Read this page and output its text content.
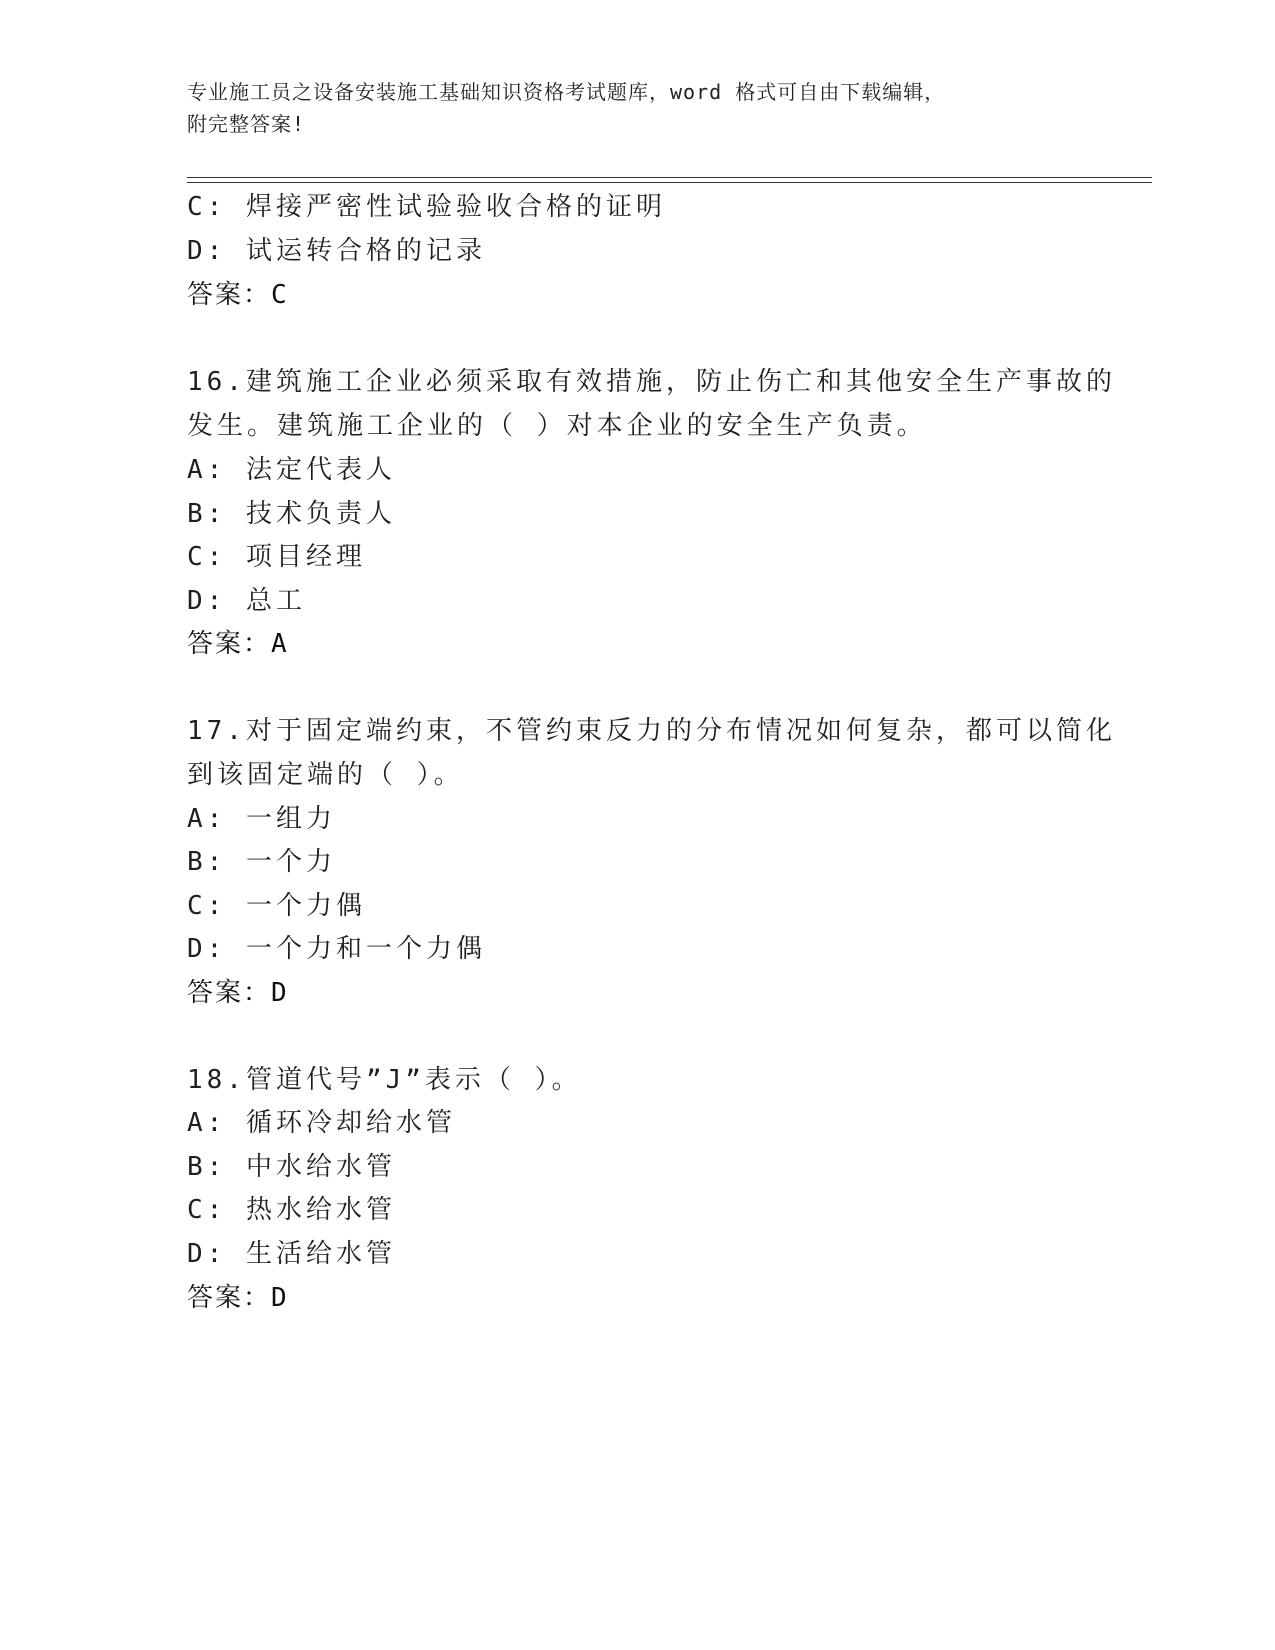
专业施工员之设备安装施工基础知识资格考试题库，word 格式可自由下载编辑，
附完整答案!
C: 焊接严密性试验验收合格的证明
D: 试运转合格的记录
答案：C
16.建筑施工企业必须采取有效措施，防止伤亡和其他安全生产事故的
发生。建筑施工企业的（ ）对本企业的安全生产负责。
A: 法定代表人
B: 技术负责人
C: 项目经理
D: 总工
答案：A
17.对于固定端约束，不管约束反力的分布情况如何复杂，都可以简化
到该固定端的（ ）。
A: 一组力
B: 一个力
C: 一个力偶
D: 一个力和一个力偶
答案：D
18.管道代号”J”表示（ ）。
A: 循环冷却给水管
B: 中水给水管
C: 热水给水管
D: 生活给水管
答案：D
